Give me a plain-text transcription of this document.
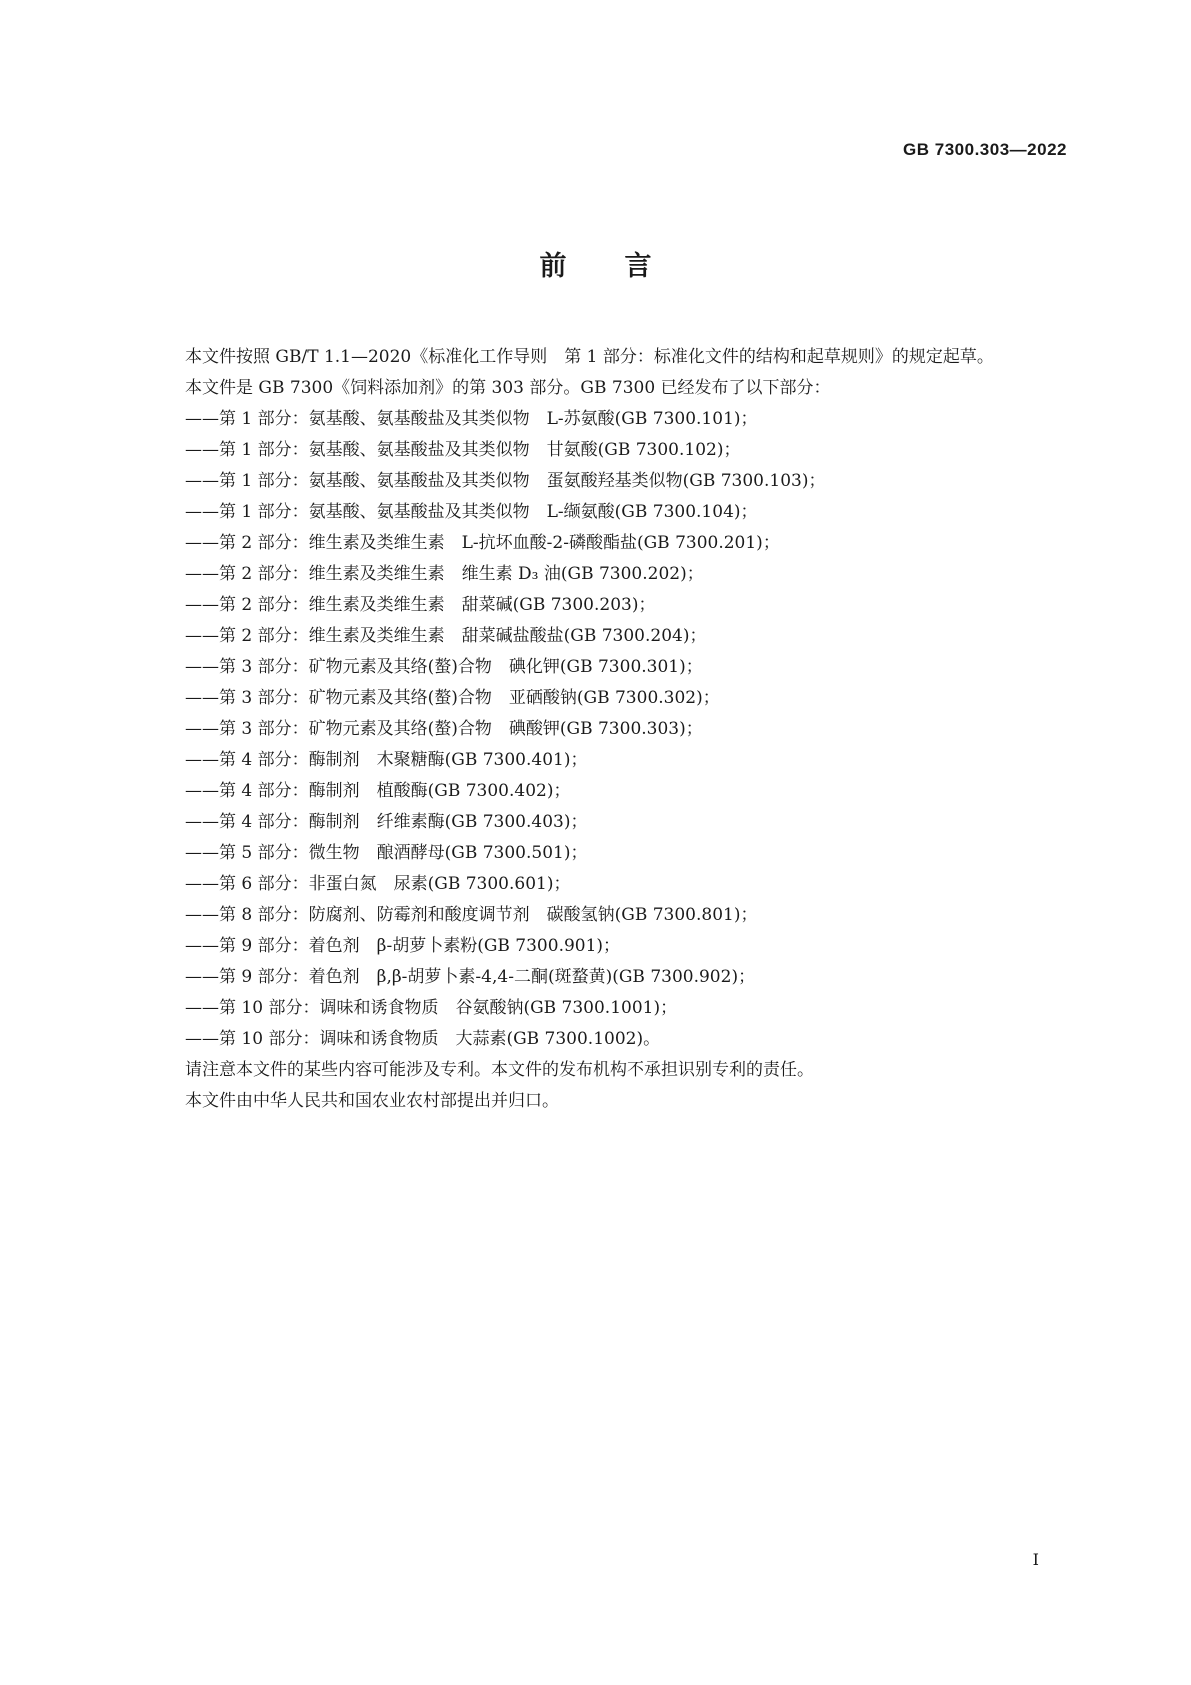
GB 7300.303—2022
前言

本文件按照 GB/T 1.1—2020《标准化工作导则　第 1 部分：标准化文件的结构和起草规则》的规定起草。

本文件是 GB 7300《饲料添加剂》的第 303 部分。GB 7300 已经发布了以下部分：

——第 1 部分：氨基酸、氨基酸盐及其类似物　L-苏氨酸(GB 7300.101)；
——第 1 部分：氨基酸、氨基酸盐及其类似物　甘氨酸(GB 7300.102)；
——第 1 部分：氨基酸、氨基酸盐及其类似物　蛋氨酸羟基类似物(GB 7300.103)；
——第 1 部分：氨基酸、氨基酸盐及其类似物　L-缬氨酸(GB 7300.104)；
——第 2 部分：维生素及类维生素　L-抗坏血酸-2-磷酸酯盐(GB 7300.201)；
——第 2 部分：维生素及类维生素　维生素 D₃ 油(GB 7300.202)；
——第 2 部分：维生素及类维生素　甜菜碱(GB 7300.203)；
——第 2 部分：维生素及类维生素　甜菜碱盐酸盐(GB 7300.204)；
——第 3 部分：矿物元素及其络(螯)合物　碘化钾(GB 7300.301)；
——第 3 部分：矿物元素及其络(螯)合物　亚硒酸钠(GB 7300.302)；
——第 3 部分：矿物元素及其络(螯)合物　碘酸钾(GB 7300.303)；
——第 4 部分：酶制剂　木聚糖酶(GB 7300.401)；
——第 4 部分：酶制剂　植酸酶(GB 7300.402)；
——第 4 部分：酶制剂　纤维素酶(GB 7300.403)；
——第 5 部分：微生物　酿酒酵母(GB 7300.501)；
——第 6 部分：非蛋白氮　尿素(GB 7300.601)；
——第 8 部分：防腐剂、防霉剂和酸度调节剂　碳酸氢钠(GB 7300.801)；
——第 9 部分：着色剂　β-胡萝卜素粉(GB 7300.901)；
——第 9 部分：着色剂　β,β-胡萝卜素-4,4-二酮(斑蝥黄)(GB 7300.902)；
——第 10 部分：调味和诱食物质　谷氨酸钠(GB 7300.1001)；
——第 10 部分：调味和诱食物质　大蒜素(GB 7300.1002)。

请注意本文件的某些内容可能涉及专利。本文件的发布机构不承担识别专利的责任。

本文件由中华人民共和国农业农村部提出并归口。

I
